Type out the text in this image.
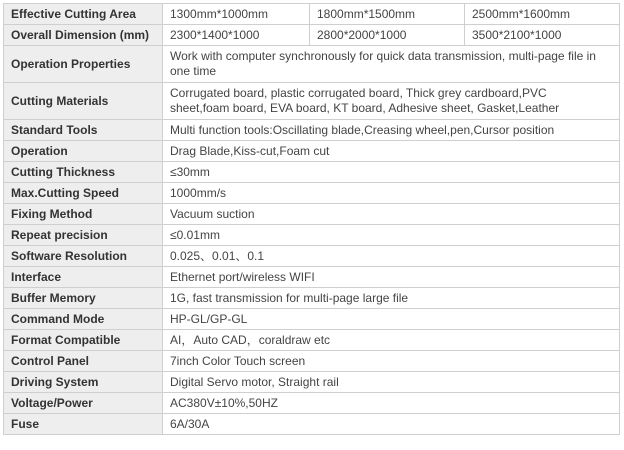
Effective Cutting Area	1300mm*1000mm	1800mm*1500mm	2500mm*1600mm
Overall Dimension (mm)	2300*1400*1000	2800*2000*1000	3500*2100*1000
Operation Properties	Work with computer synchronously for quick data transmission, multi-page file in one time		
Cutting Materials	Corrugated board, plastic corrugated board, Thick grey cardboard,PVC sheet,foam board, EVA board, KT board, Adhesive sheet, Gasket,Leather		
Standard Tools	Multi function tools:Oscillating blade,Creasing wheel,pen,Cursor position		
Operation	Drag Blade,Kiss-cut,Foam cut		
Cutting Thickness	≤30mm		
Max.Cutting Speed	1000mm/s		
Fixing Method	Vacuum suction		
Repeat precision	≤0.01mm		
Software Resolution	0.025、0.01、0.1		
Interface	Ethernet port/wireless WIFI		
Buffer Memory	1G, fast transmission for multi-page large file		
Command Mode	HP-GL/GP-GL		
Format Compatible	AI，Auto CAD，coraldraw etc		
Control Panel	7inch Color Touch screen		
Driving System	Digital Servo motor, Straight rail		
Voltage/Power	AC380V±10%,50HZ		
Fuse	6A/30A		
